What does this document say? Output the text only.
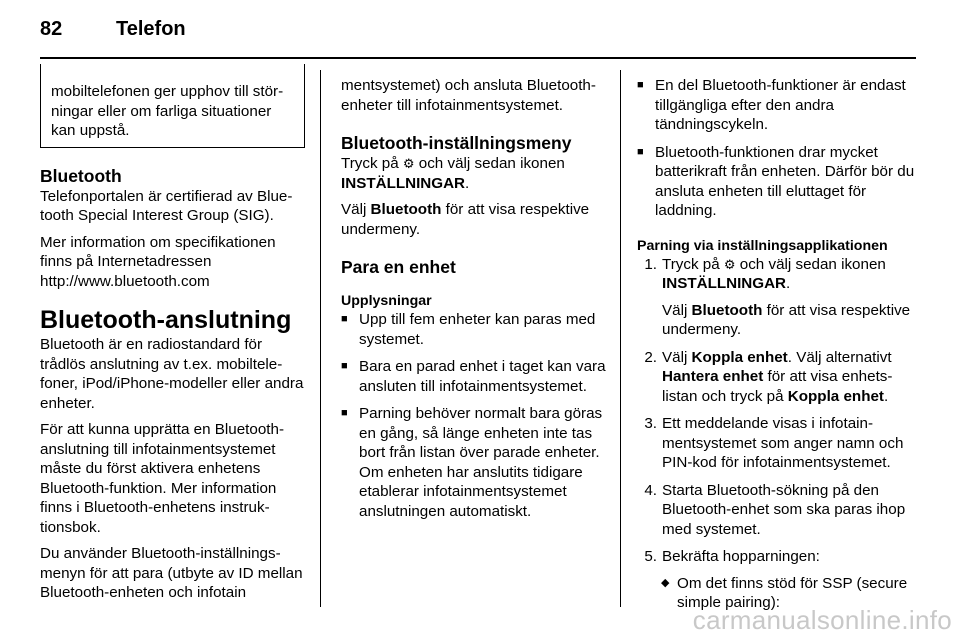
82	Telefon

mobiltelefonen ger upphov till störningar eller om farliga situationer kan uppstå.

Bluetooth

Telefonportalen är certifierad av Bluetooth Special Interest Group (SIG).

Mer information om specifikationen finns på Internetadressen

http://www.bluetooth.com

Bluetooth-anslutning

Bluetooth är en radiostandard för trådlös anslutning av t.ex. mobiltelefoner, iPod/iPhone-modeller eller andra enheter.

För att kunna upprätta en Bluetooth-anslutning till infotainmentsystemet måste du först aktivera enhetens Bluetooth-funktion. Mer information finns i Bluetooth-enhetens instruktionsbok.

Du använder Bluetooth-inställningsmenyn för att para (utbyte av ID mellan Bluetooth-enheten och infotain

mentsystemet) och ansluta Bluetooth-enheter till infotainmentsystemet.

Bluetooth-inställningsmeny

Tryck på ⚙ och välj sedan ikonen INSTÄLLNINGAR.

Välj Bluetooth för att visa respektive undermeny.

Para en enhet

Upplysningar

■ Upp till fem enheter kan paras med systemet.
■ Bara en parad enhet i taget kan vara ansluten till infotainmentsystemet.
■ Parning behöver normalt bara göras en gång, så länge enheten inte tas bort från listan över parade enheter. Om enheten har anslutits tidigare etablerar infotainmentsystemet anslutningen automatiskt.
■ En del Bluetooth-funktioner är endast tillgängliga efter den andra tändningscykeln.
■ Bluetooth-funktionen drar mycket batterikraft från enheten. Därför bör du ansluta enheten till eluttaget för laddning.

Parning via inställningsapplikationen

1. Tryck på ⚙ och välj sedan ikonen INSTÄLLNINGAR.

Välj Bluetooth för att visa respektive undermeny.

2. Välj Koppla enhet. Välj alternativt Hantera enhet för att visa enhetslistan och tryck på Koppla enhet.
3. Ett meddelande visas i infotainmentsystemet som anger namn och PIN-kod för infotainmentsystemet.
4. Starta Bluetooth-sökning på den Bluetooth-enhet som ska paras ihop med systemet.
5. Bekräfta hopparningen:
◆ Om det finns stöd för SSP (secure simple pairing):
carmanualsonline.info
